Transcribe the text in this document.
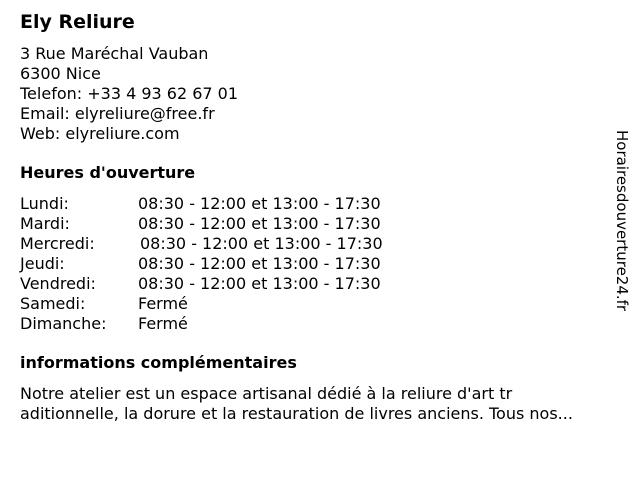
Ely Reliure
3 Rue Maréchal Vauban
6300 Nice
Telefon: +33 4 93 62 67 01
Email: elyreliure@free.fr
Web: elyreliure.com
Heures d'ouverture
Lundi:	08:30 - 12:00 et 13:00 - 17:30
Mardi:	08:30 - 12:00 et 13:00 - 17:30
Mercredi:	08:30 - 12:00 et 13:00 - 17:30
Jeudi:	08:30 - 12:00 et 13:00 - 17:30
Vendredi:	08:30 - 12:00 et 13:00 - 17:30
Samedi:	Fermé
Dimanche: Fermé
informations complémentaires
Notre atelier est un espace artisanal dédié à la reliure d'art tr
aditionnelle, la dorure et la restauration de livres anciens. Tous nos...
Horairesdouverture24.fr
